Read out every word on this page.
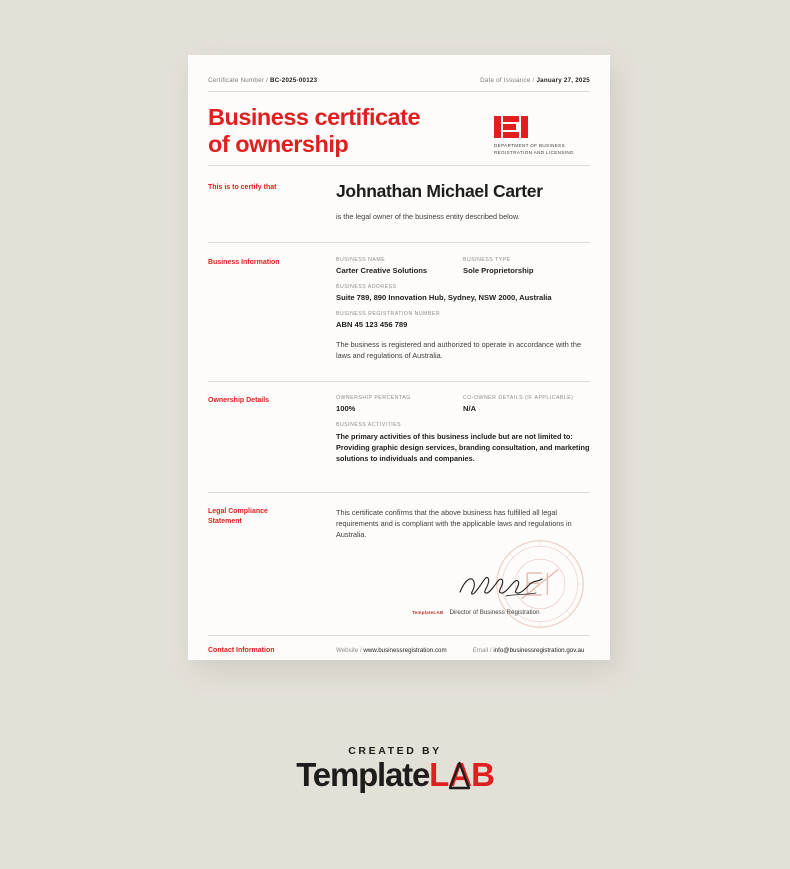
Certificate Number / BC-2025-00123	Date of Issuance / January 27, 2025
Business certificate
of ownership	DEPARTMENT OF BUSINESS
REGISTRATION AND LICENSING
This is to certify that	Johnathan Michael Carter
is the legal owner of the business entity described below.
Business Information	BUSINESS NAME
Carter Creative Solutions
BUSINESS TYPE
Sole Proprietorship
BUSINESS ADDRESS
Suite 789, 890 Innovation Hub, Sydney, NSW 2000, Australia
BUSINESS REGISTRATION NUMBER
ABN 45 123 456 789
The business is registered and authorized to operate in accordance with the laws and regulations of Australia.
Ownership Details	OWNERSHIP PERCENTAG
100%
CO-OWNER DETAILS (IF APPLICABLE)
N/A
BUSINESS ACTIVITIES
The primary activities of this business include but are not limited to: Providing graphic design services, branding consultation, and marketing solutions to individuals and companies.
Legal Compliance
Statement
This certificate confirms that the above business has fulfilled all legal requirements and is compliant with the applicable laws and regulations in Australia.
TemplateLAB Director of Business Registration
Contact Information	Website / www.businessregistration.com	Email / info@businessregistration.gov.au
CREATED BY
Template L A B
